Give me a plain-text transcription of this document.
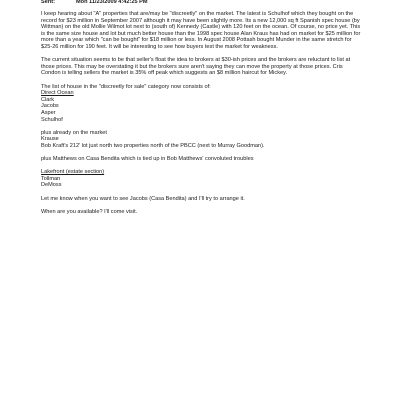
Sent:	Mon 11/23/2009 4:42:25 PM

I keep hearing about "A" properties that are/may be "discreetly" on the market. The latest is Schulhof which they bought on the record for $23 million in September 2007 although it may have been slightly more. Its a new 12,000 sq ft Spanish spec house (by Wittman) on the old Mollie Wilmot lot next to (south of) Kennedy (Castle) with 120 feet on the ocean. Of course, no price yet. This is the same size house and lot but much better house than the 1998 spec house Alan Kraus has had on market for $25 million for more than a year which "can be bought" for $18 million or less. In August 2008 Pottash bought Munder in the same stretch for $25-26 million for 190 feet. It will be interesting to see how buyers test the market for weakness.

The current situation seems to be that seller's float the idea to brokers at $30-ish prices and the brokers are reluctant to list at those prices. This may be overstating it but the brokers sure aren't saying they can move the property at those prices. Cris Condon is telling sellers the market is 35% off peak which suggests an $8 million haircut for Mickey.

The list of house in the "discreetly for sale" category now consists of:

Direct Ocean
Clark
Jacobs
Asper
Schulhof
plus already on the market
Krause
Bob Kraft's 212' lot just north two properties north of the PBCC (next to Murray Goodman).

plus Matthews on Casa Bendita which is tied up in Bob Matthews' convoluted troubles

Lakefront (estate section)
Tollman
DeMoss

Let me know when you want to see Jacobs (Casa Bendita) and I'll try to arrange it.

When are you available? I'll come visit.
